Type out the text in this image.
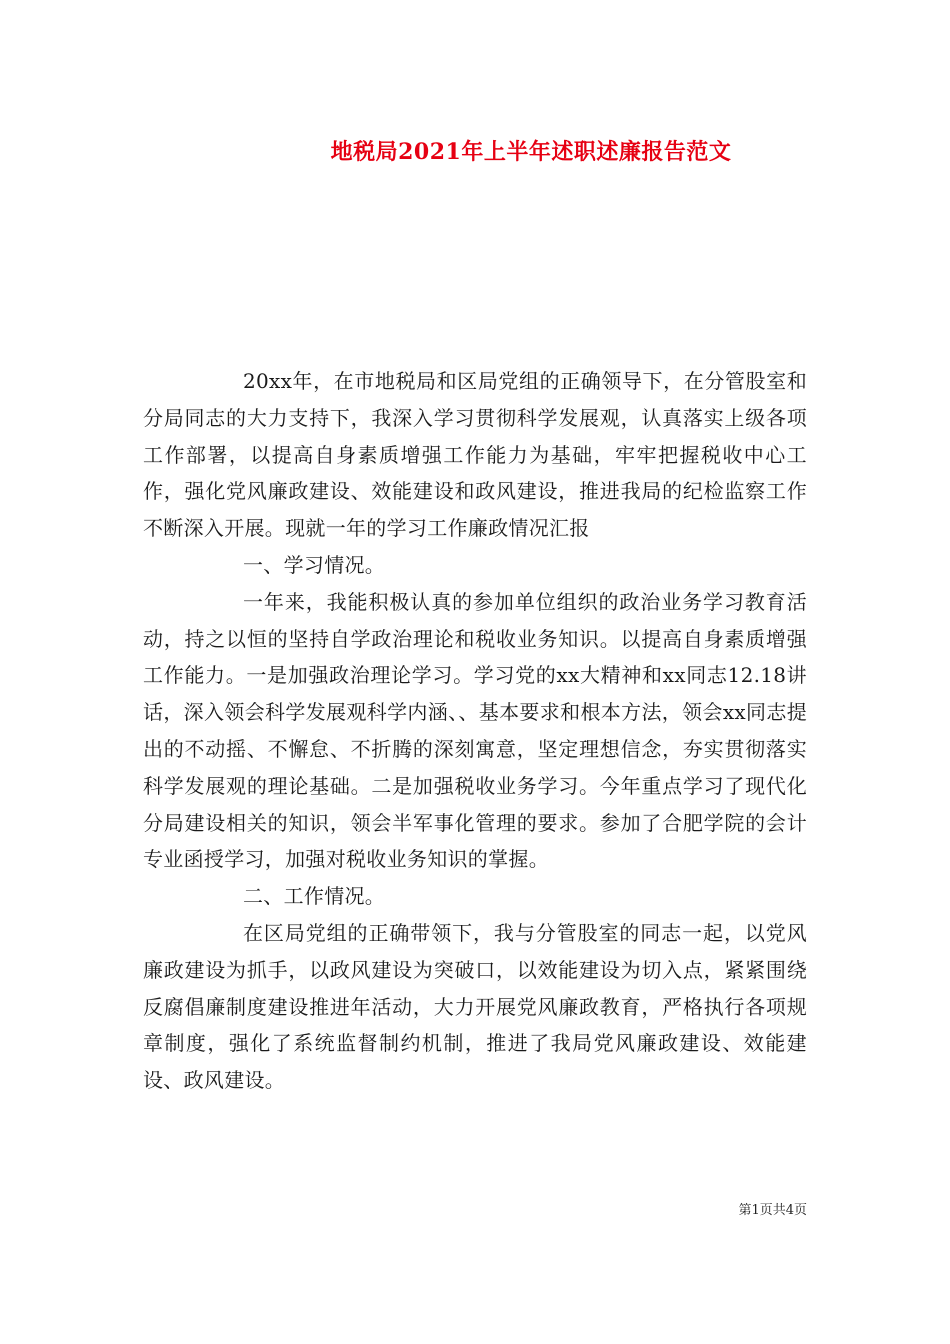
地税局2021年上半年述职述廉报告范文

20xx年，在市地税局和区局党组的正确领导下，在分管股室和分局同志的大力支持下，我深入学习贯彻科学发展观，认真落实上级各项工作部署，以提高自身素质增强工作能力为基础，牢牢把握税收中心工作，强化党风廉政建设、效能建设和政风建设，推进我局的纪检监察工作不断深入开展。现就一年的学习工作廉政情况汇报

一、学习情况。

一年来，我能积极认真的参加单位组织的政治业务学习教育活动，持之以恒的坚持自学政治理论和税收业务知识。以提高自身素质增强工作能力。一是加强政治理论学习。学习党的xx大精神和xx同志12.18讲话，深入领会科学发展观科学内涵、、基本要求和根本方法，领会xx同志提出的不动摇、不懈怠、不折腾的深刻寓意，坚定理想信念，夯实贯彻落实科学发展观的理论基础。二是加强税收业务学习。今年重点学习了现代化分局建设相关的知识，领会半军事化管理的要求。参加了合肥学院的会计专业函授学习，加强对税收业务知识的掌握。

二、工作情况。

在区局党组的正确带领下，我与分管股室的同志一起，以党风廉政建设为抓手，以政风建设为突破口，以效能建设为切入点，紧紧围绕反腐倡廉制度建设推进年活动，大力开展党风廉政教育，严格执行各项规章制度，强化了系统监督制约机制，推进了我局党风廉政建设、效能建设、政风建设。

第1页共4页
